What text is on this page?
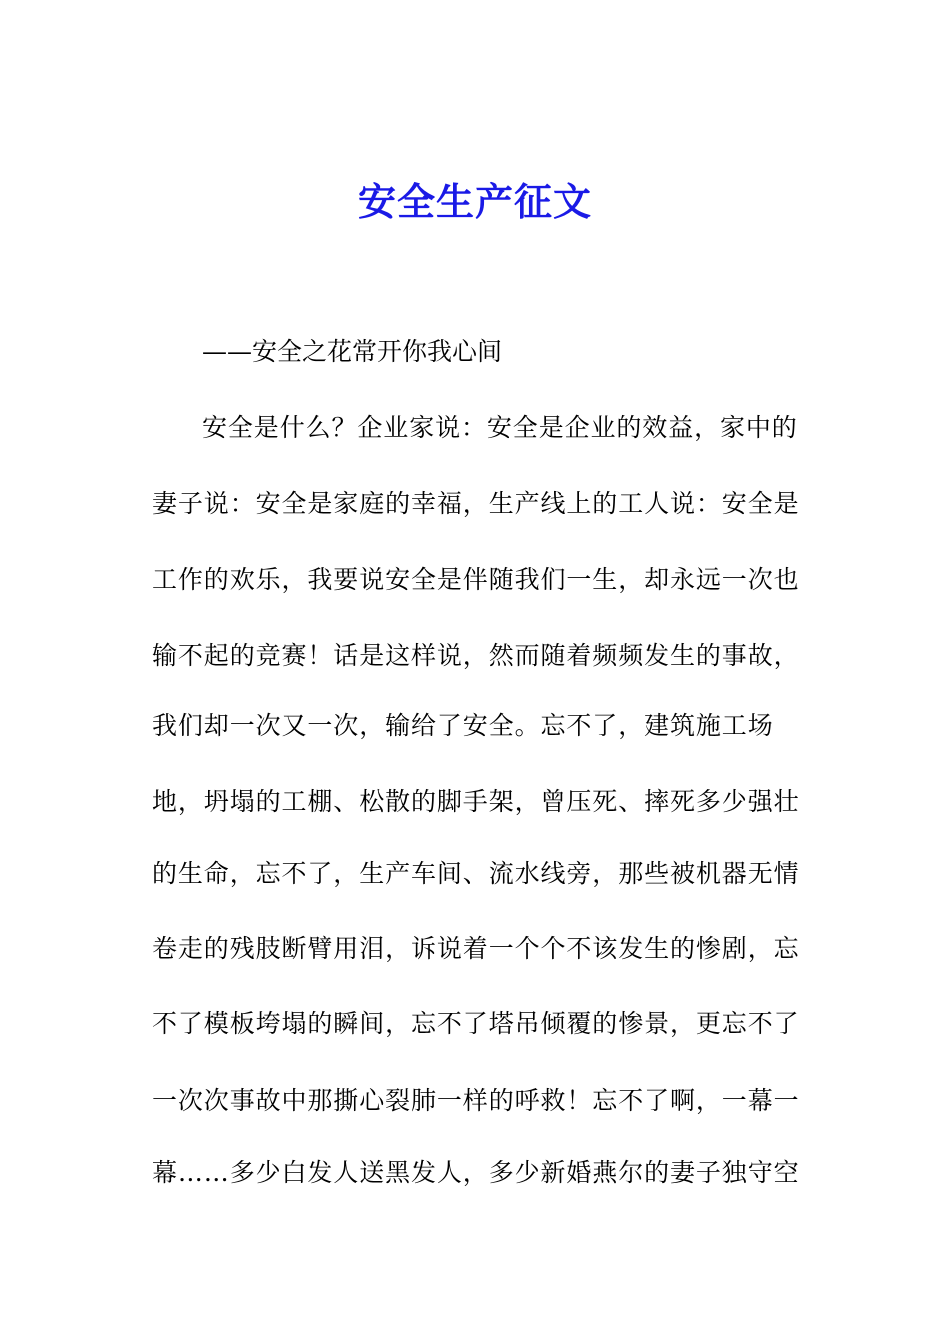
安全生产征文

——安全之花常开你我心间

安全是什么？企业家说：安全是企业的效益，家中的

妻子说：安全是家庭的幸福，生产线上的工人说：安全是

工作的欢乐，我要说安全是伴随我们一生，却永远一次也

输不起的竞赛！话是这样说，然而随着频频发生的事故，

我们却一次又一次，输给了安全。忘不了，建筑施工场

地，坍塌的工棚、松散的脚手架，曾压死、摔死多少强壮

的生命，忘不了，生产车间、流水线旁，那些被机器无情

卷走的残肢断臂用泪，诉说着一个个不该发生的惨剧，忘

不了模板垮塌的瞬间，忘不了塔吊倾覆的惨景，更忘不了

一次次事故中那撕心裂肺一样的呼救！忘不了啊，一幕一

幕……多少白发人送黑发人，多少新婚燕尔的妻子独守空
